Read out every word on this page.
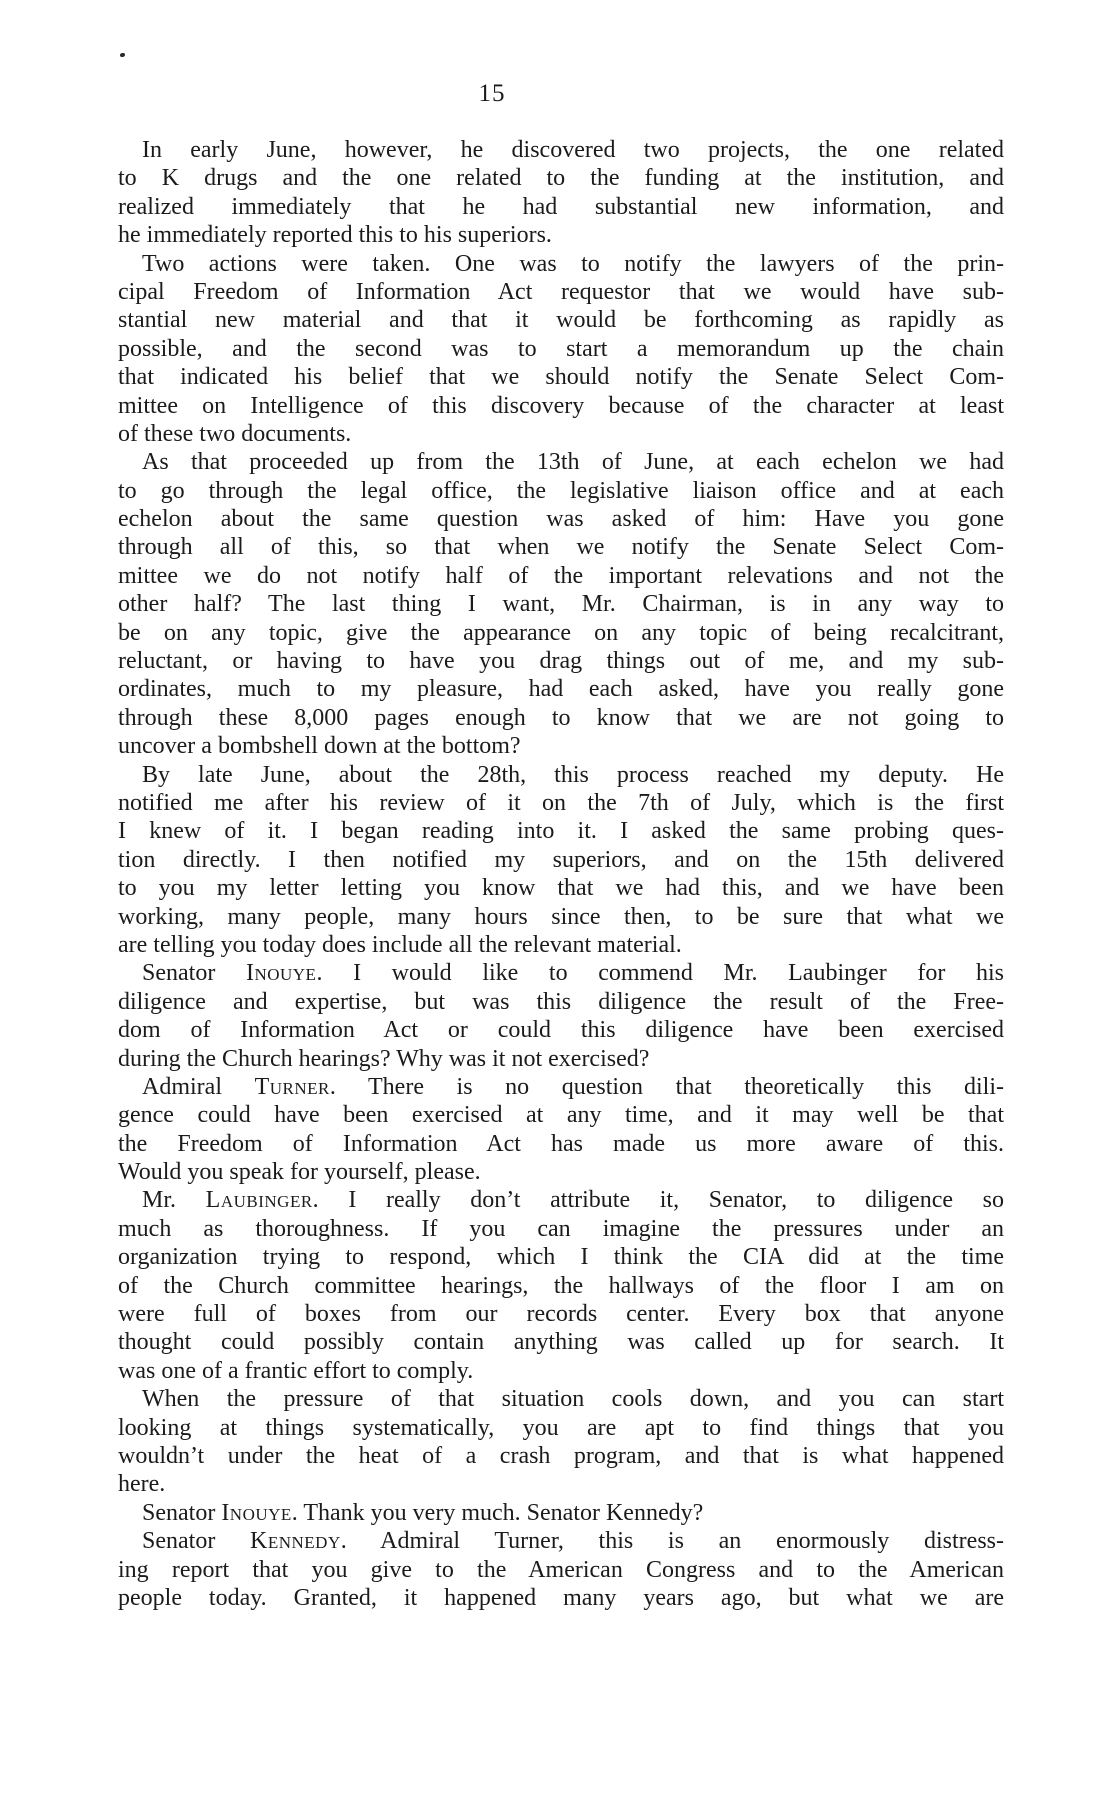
15
In early June, however, he discovered two projects, the one related
to K drugs and the one related to the funding at the institution, and
realized immediately that he had substantial new information, and
he immediately reported this to his superiors.
Two actions were taken. One was to notify the lawyers of the prin-
cipal Freedom of Information Act requestor that we would have sub-
stantial new material and that it would be forthcoming as rapidly as
possible, and the second was to start a memorandum up the chain
that indicated his belief that we should notify the Senate Select Com-
mittee on Intelligence of this discovery because of the character at least
of these two documents.
As that proceeded up from the 13th of June, at each echelon we had
to go through the legal office, the legislative liaison office and at each
echelon about the same question was asked of him: Have you gone
through all of this, so that when we notify the Senate Select Com-
mittee we do not notify half of the important relevations and not the
other half? The last thing I want, Mr. Chairman, is in any way to
be on any topic, give the appearance on any topic of being recalcitrant,
reluctant, or having to have you drag things out of me, and my sub-
ordinates, much to my pleasure, had each asked, have you really gone
through these 8,000 pages enough to know that we are not going to
uncover a bombshell down at the bottom?
By late June, about the 28th, this process reached my deputy. He
notified me after his review of it on the 7th of July, which is the first
I knew of it. I began reading into it. I asked the same probing ques-
tion directly. I then notified my superiors, and on the 15th delivered
to you my letter letting you know that we had this, and we have been
working, many people, many hours since then, to be sure that what we
are telling you today does include all the relevant material.
Senator Inouye. I would like to commend Mr. Laubinger for his
diligence and expertise, but was this diligence the result of the Free-
dom of Information Act or could this diligence have been exercised
during the Church hearings? Why was it not exercised?
Admiral Turner. There is no question that theoretically this dili-
gence could have been exercised at any time, and it may well be that
the Freedom of Information Act has made us more aware of this.
Would you speak for yourself, please.
Mr. Laubinger. I really don’t attribute it, Senator, to diligence so
much as thoroughness. If you can imagine the pressures under an
organization trying to respond, which I think the CIA did at the time
of the Church committee hearings, the hallways of the floor I am on
were full of boxes from our records center. Every box that anyone
thought could possibly contain anything was called up for search. It
was one of a frantic effort to comply.
When the pressure of that situation cools down, and you can start
looking at things systematically, you are apt to find things that you
wouldn’t under the heat of a crash program, and that is what happened
here.
Senator Inouye. Thank you very much. Senator Kennedy?
Senator Kennedy. Admiral Turner, this is an enormously distress-
ing report that you give to the American Congress and to the American
people today. Granted, it happened many years ago, but what we are
